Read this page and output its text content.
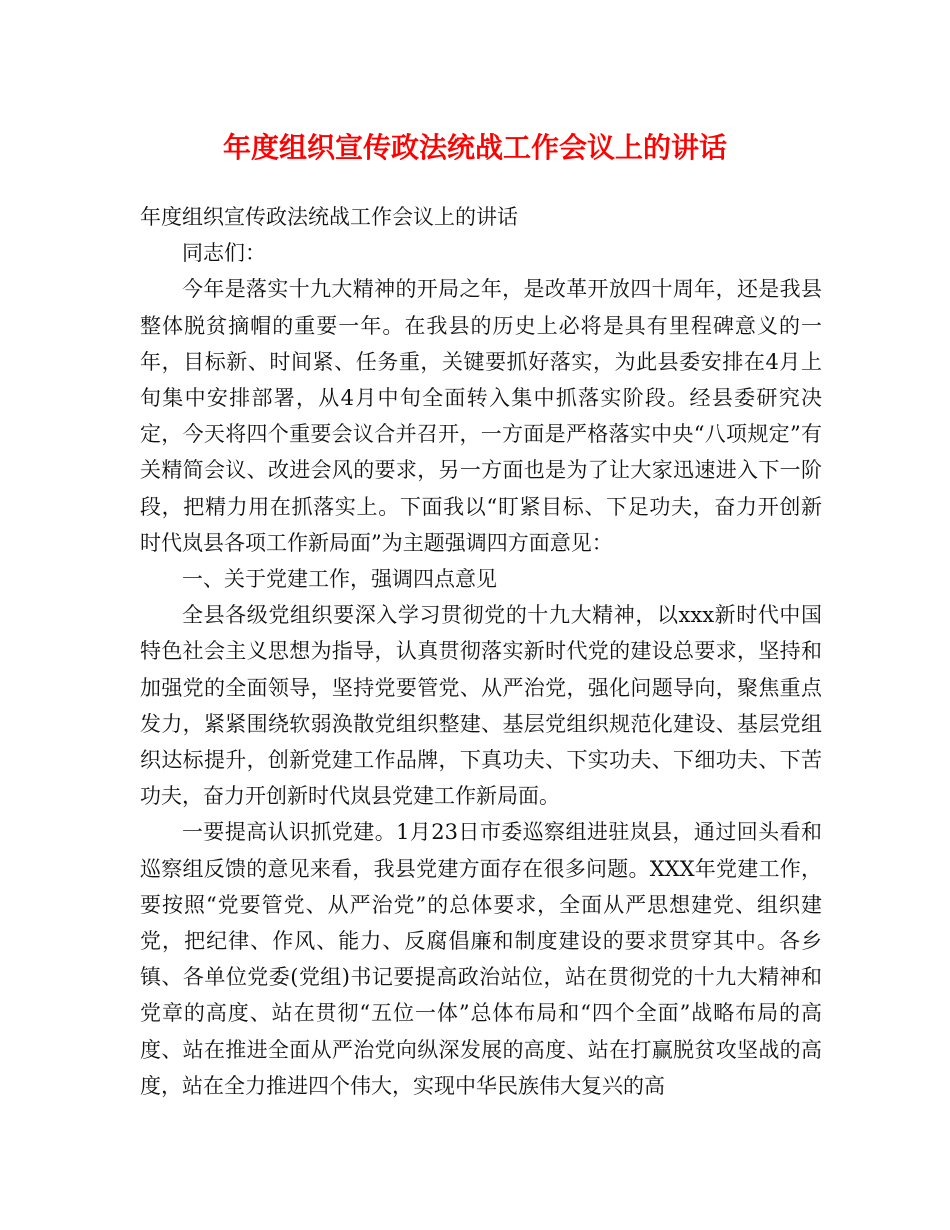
年度组织宣传政法统战工作会议上的讲话

年度组织宣传政法统战工作会议上的讲话

同志们：

今年是落实十九大精神的开局之年，是改革开放四十周年，还是我县整体脱贫摘帽的重要一年。在我县的历史上必将是具有里程碑意义的一年，目标新、时间紧、任务重，关键要抓好落实，为此县委安排在4月上旬集中安排部署，从4月中旬全面转入集中抓落实阶段。经县委研究决定，今天将四个重要会议合并召开，一方面是严格落实中央“八项规定”有关精简会议、改进会风的要求，另一方面也是为了让大家迅速进入下一阶段，把精力用在抓落实上。下面我以“盯紧目标、下足功夫，奋力开创新时代岚县各项工作新局面”为主题强调四方面意见：

一、关于党建工作，强调四点意见

全县各级党组织要深入学习贯彻党的十九大精神，以xxx新时代中国特色社会主义思想为指导，认真贯彻落实新时代党的建设总要求，坚持和加强党的全面领导，坚持党要管党、从严治党，强化问题导向，聚焦重点发力，紧紧围绕软弱涣散党组织整建、基层党组织规范化建设、基层党组织达标提升，创新党建工作品牌，下真功夫、下实功夫、下细功夫、下苦功夫，奋力开创新时代岚县党建工作新局面。

一要提高认识抓党建。1月23日市委巡察组进驻岚县，通过回头看和巡察组反馈的意见来看，我县党建方面存在很多问题。XXX年党建工作，要按照“党要管党、从严治党”的总体要求，全面从严思想建党、组织建党，把纪律、作风、能力、反腐倡廉和制度建设的要求贯穿其中。各乡镇、各单位党委(党组)书记要提高政治站位，站在贯彻党的十九大精神和党章的高度、站在贯彻“五位一体”总体布局和“四个全面”战略布局的高度、站在推进全面从严治党向纵深发展的高度、站在打赢脱贫攻坚战的高度，站在全力推进四个伟大，实现中华民族伟大复兴的高
